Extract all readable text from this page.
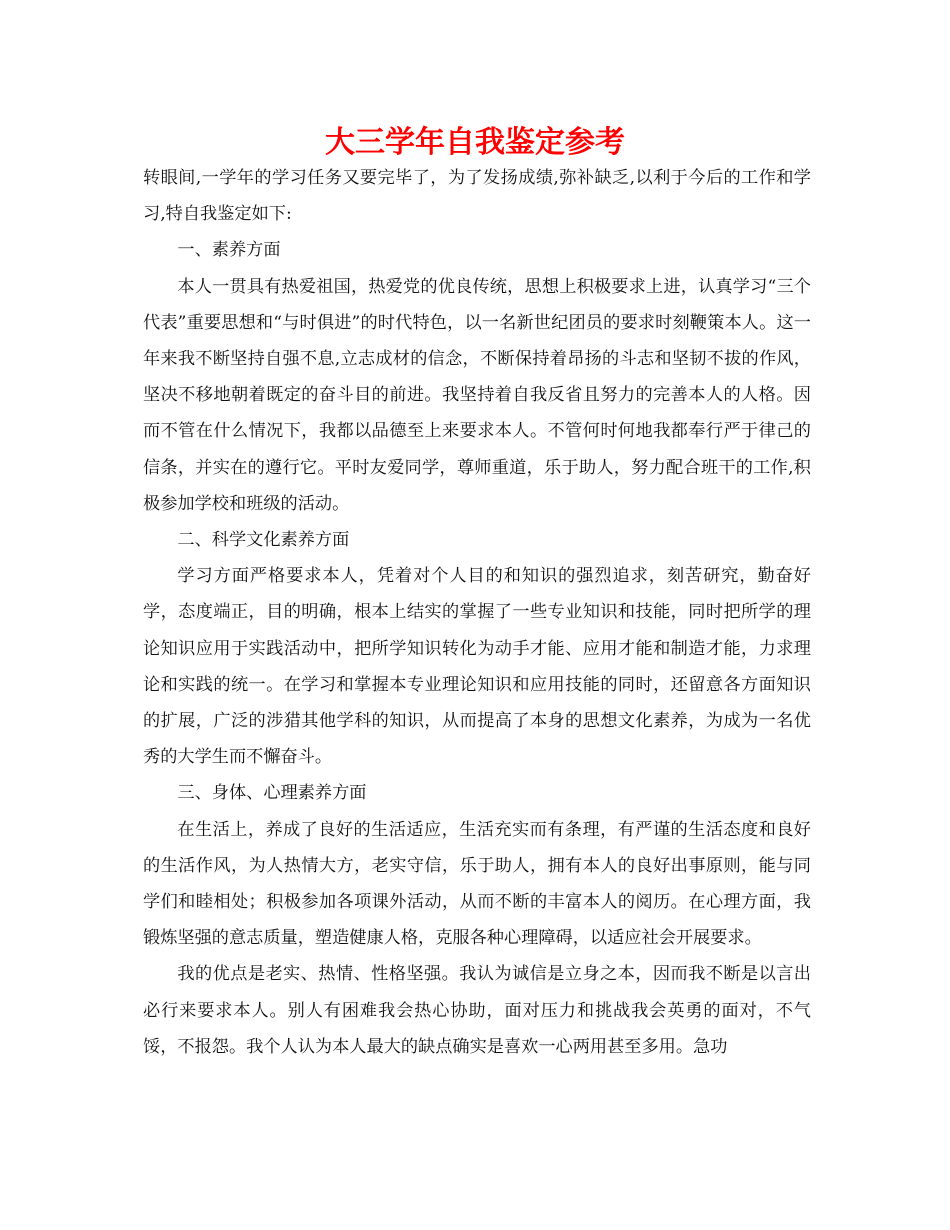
大三学年自我鉴定参考

转眼间,一学年的学习任务又要完毕了，为了发扬成绩,弥补缺乏,以利于今后的工作和学习,特自我鉴定如下:

一、素养方面

本人一贯具有热爱祖国，热爱党的优良传统，思想上积极要求上进，认真学习“三个代表”重要思想和“与时俱进”的时代特色，以一名新世纪团员的要求时刻鞭策本人。这一年来我不断坚持自强不息,立志成材的信念，不断保持着昂扬的斗志和坚韧不拔的作风，坚决不移地朝着既定的奋斗目的前进。我坚持着自我反省且努力的完善本人的人格。因而不管在什么情况下，我都以品德至上来要求本人。不管何时何地我都奉行严于律己的信条，并实在的遵行它。平时友爱同学，尊师重道，乐于助人，努力配合班干的工作,积极参加学校和班级的活动。

二、科学文化素养方面

学习方面严格要求本人，凭着对个人目的和知识的强烈追求，刻苦研究，勤奋好学，态度端正，目的明确，根本上结实的掌握了一些专业知识和技能，同时把所学的理论知识应用于实践活动中，把所学知识转化为动手才能、应用才能和制造才能，力求理论和实践的统一。在学习和掌握本专业理论知识和应用技能的同时，还留意各方面知识的扩展，广泛的涉猎其他学科的知识，从而提高了本身的思想文化素养，为成为一名优秀的大学生而不懈奋斗。

三、身体、心理素养方面

在生活上，养成了良好的生活适应，生活充实而有条理，有严谨的生活态度和良好的生活作风，为人热情大方，老实守信，乐于助人，拥有本人的良好出事原则，能与同学们和睦相处；积极参加各项课外活动，从而不断的丰富本人的阅历。在心理方面，我锻炼坚强的意志质量，塑造健康人格，克服各种心理障碍，以适应社会开展要求。

我的优点是老实、热情、性格坚强。我认为诚信是立身之本，因而我不断是以言出必行来要求本人。别人有困难我会热心协助，面对压力和挑战我会英勇的面对，不气馁，不报怨。我个人认为本人最大的缺点确实是喜欢一心两用甚至多用。急功
